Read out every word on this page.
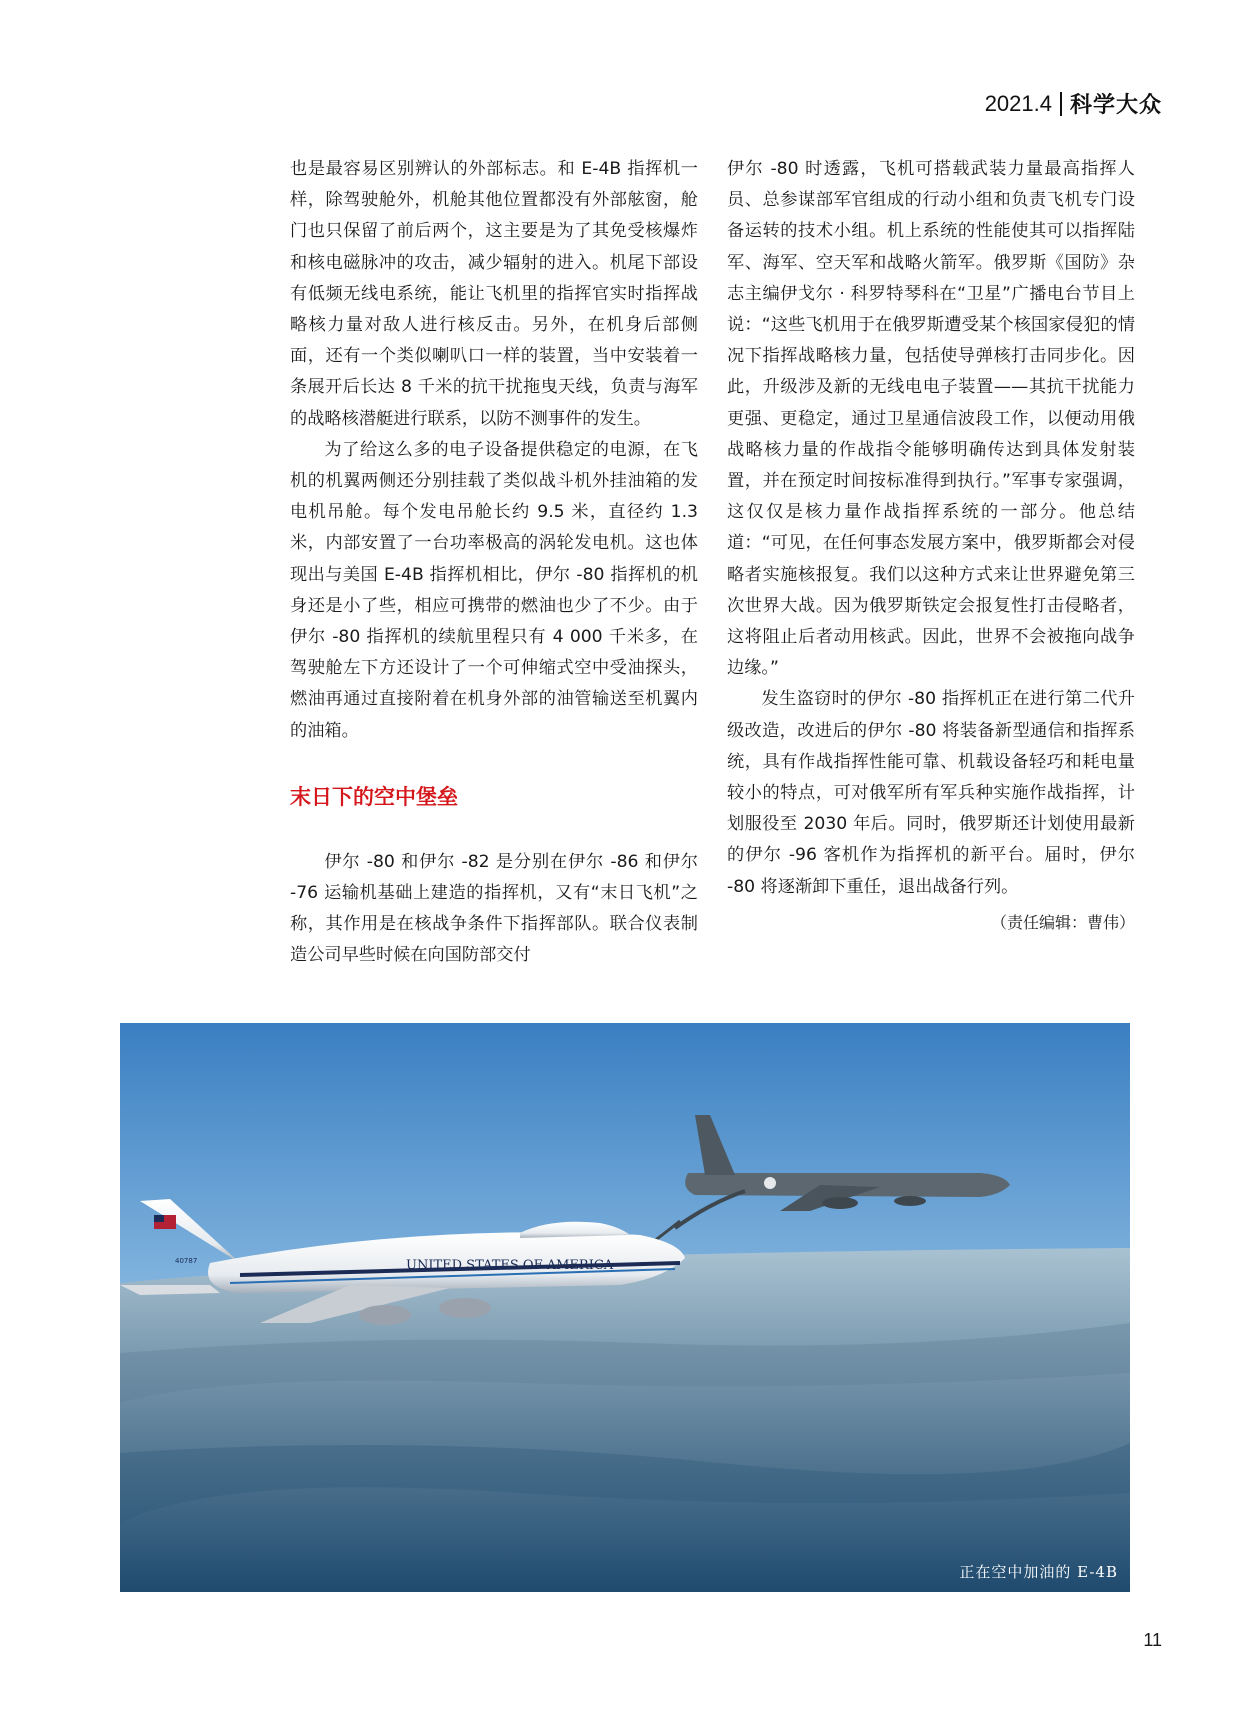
2021.4 科学大众

也是最容易区别辨认的外部标志。和 E-4B 指挥机一样，除驾驶舱外，机舱其他位置都没有外部舷窗，舱门也只保留了前后两个，这主要是为了其免受核爆炸和核电磁脉冲的攻击，减少辐射的进入。机尾下部设有低频无线电系统，能让飞机里的指挥官实时指挥战略核力量对敌人进行核反击。另外，在机身后部侧面，还有一个类似喇叭口一样的装置，当中安装着一条展开后长达 8 千米的抗干扰拖曳天线，负责与海军的战略核潜艇进行联系，以防不测事件的发生。

为了给这么多的电子设备提供稳定的电源，在飞机的机翼两侧还分别挂载了类似战斗机外挂油箱的发电机吊舱。每个发电吊舱长约 9.5 米，直径约 1.3 米，内部安置了一台功率极高的涡轮发电机。这也体现出与美国 E-4B 指挥机相比，伊尔 -80 指挥机的机身还是小了些，相应可携带的燃油也少了不少。由于伊尔 -80 指挥机的续航里程只有 4 000 千米多，在驾驶舱左下方还设计了一个可伸缩式空中受油探头，燃油再通过直接附着在机身外部的油管输送至机翼内的油箱。

末日下的空中堡垒

伊尔 -80 和伊尔 -82 是分别在伊尔 -86 和伊尔 -76 运输机基础上建造的指挥机，又有“末日飞机”之称，其作用是在核战争条件下指挥部队。联合仪表制造公司早些时候在向国防部交付

伊尔 -80 时透露，飞机可搭载武装力量最高指挥人员、总参谋部军官组成的行动小组和负责飞机专门设备运转的技术小组。机上系统的性能使其可以指挥陆军、海军、空天军和战略火箭军。俄罗斯《国防》杂志主编伊戈尔 · 科罗特琴科在“卫星”广播电台节目上说：“这些飞机用于在俄罗斯遭受某个核国家侵犯的情况下指挥战略核力量，包括使导弹核打击同步化。因此，升级涉及新的无线电电子装置——其抗干扰能力更强、更稳定，通过卫星通信波段工作，以便动用俄战略核力量的作战指令能够明确传达到具体发射装置，并在预定时间按标准得到执行。”军事专家强调，这仅仅是核力量作战指挥系统的一部分。他总结道：“可见，在任何事态发展方案中，俄罗斯都会对侵略者实施核报复。我们以这种方式来让世界避免第三次世界大战。因为俄罗斯铁定会报复性打击侵略者，这将阻止后者动用核武。因此，世界不会被拖向战争边缘。”

发生盗窃时的伊尔 -80 指挥机正在进行第二代升级改造，改进后的伊尔 -80 将装备新型通信和指挥系统，具有作战指挥性能可靠、机载设备轻巧和耗电量较小的特点，可对俄军所有军兵种实施作战指挥，计划服役至 2030 年后。同时，俄罗斯还计划使用最新的伊尔 -96 客机作为指挥机的新平台。届时，伊尔 -80 将逐渐卸下重任，退出战备行列。

（责任编辑：曹伟）
UNITED STATES OF AMERICA
40787
正在空中加油的 E-4B
11
